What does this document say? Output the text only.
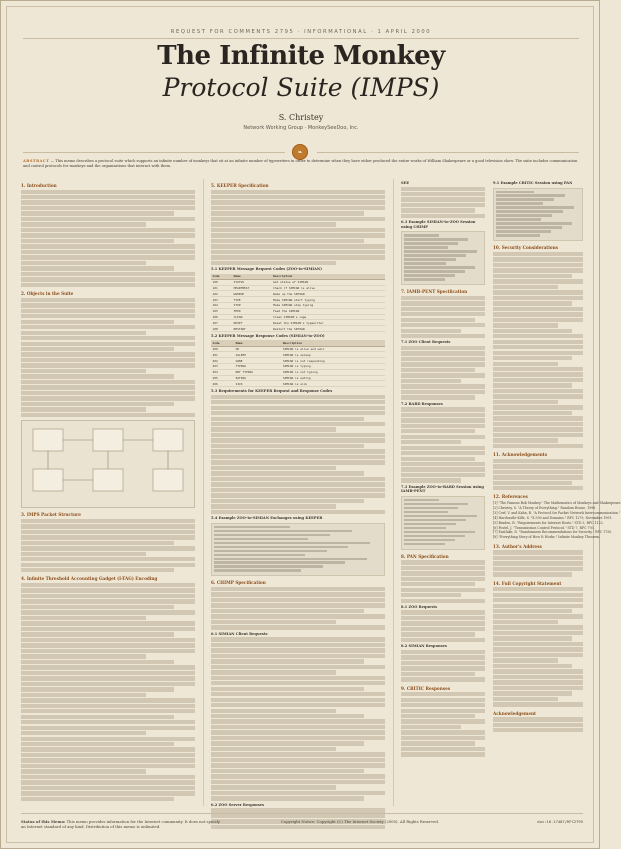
REQUEST FOR COMMENTS 2795 · INFORMATIONAL · 1 APRIL 2000
The Infinite Monkey
Protocol Suite (IMPS)
S. Christey
Network Working Group · MonkeySeeDoo, Inc.
❧
ABSTRACT — This memo describes a protocol suite which supports an infinite number of monkeys that sit at an infinite number of typewriters in order to determine when they have either produced the entire works of William Shakespeare or a good television show. The suite includes communication and control protocols for monkeys and the organizations that interact with them.
1. Introduction
2. Objects in the Suite
3. IMPS Packet Structure
4. Infinite Threshold Accounting Gadget (I-TAG) Encoding
5. KEEPER Specification
5.1 KEEPER Message Request Codes (ZOO-to-SIMIAN)
Code	Name	Description
100	STATUS	Get status of SIMIAN
101	HEARTBEAT	Check if SIMIAN is alive
102	WAKEUP	Wake up the SIMIAN
103	TYPE	Make SIMIAN start typing
104	STOP	Make SIMIAN stop typing
105	FEED	Feed the SIMIAN
106	CLEAN	Clean SIMIAN's cage
107	RESET	Reset the SIMIAN's typewriter
108	RESTART	Restart the SIMIAN
5.2 KEEPER Message Response Codes (SIMIAN-to-ZOO)
Code	Name	Description
200	OK	SIMIAN is alive and well
201	ASLEEP	SIMIAN is asleep
202	GONE	SIMIAN is not responding
203	TYPING	SIMIAN is typing
204	NOT TYPING	SIMIAN is not typing
205	EATING	SIMIAN is eating
206	SICK	SIMIAN is sick
5.3 Requirements for KEEPER Request and Response Codes
5.4 Example ZOO-to-SIMIAN Exchanges using KEEPER
6. CHIMP Specification
6.1 SIMIAN Client Requests
6.2 ZOO Server Responses
SEE
6.3 Example SIMIAN-to-ZOO Session using CHIMP
7. IAMB-PENT Specification
7.1 ZOO Client Requests
7.2 BARD Responses
7.3 Example ZOO-to-BARD Session using IAMB-PENT
8. PAN Specification
8.1 ZOO Requests
8.2 SIMIAN Responses
9. CRITIC Responses
9.1 Example CRITIC Session using PAN
10. Security Considerations
11. Acknowledgements
12. References
[1] "The Famous Bob Monkey." The Mathematics of Monkeys and Shakespeare.
[2] Christey, S. "A Theory of Everything." Random House, 1998.
[3] Cerf, V. and Kahn, R. "A Protocol for Packet Network Intercommunication."
[4] Hardcastle-Kille, S. "X.500 and Domains." RFC 1279, November 1991.
[5] Braden, R. "Requirements for Internet Hosts." STD 3, RFC 1122.
[6] Postel, J. "Transmission Control Protocol." STD 7, RFC 793.
[7] Eastlake, D. "Randomness Recommendations for Security." RFC 1750.
[8] "Everything Story of How It Works." Infinite Monkey Theorem.
13. Author's Address
14. Full Copyright Statement
Acknowledgement
Status of this Memo: This memo provides information for the Internet community. It does not specify an Internet standard of any kind. Distribution of this memo is unlimited.
Copyright Notice: Copyright (C) The Internet Society (2000). All Rights Reserved.	doi:10.17487/RFC2795
